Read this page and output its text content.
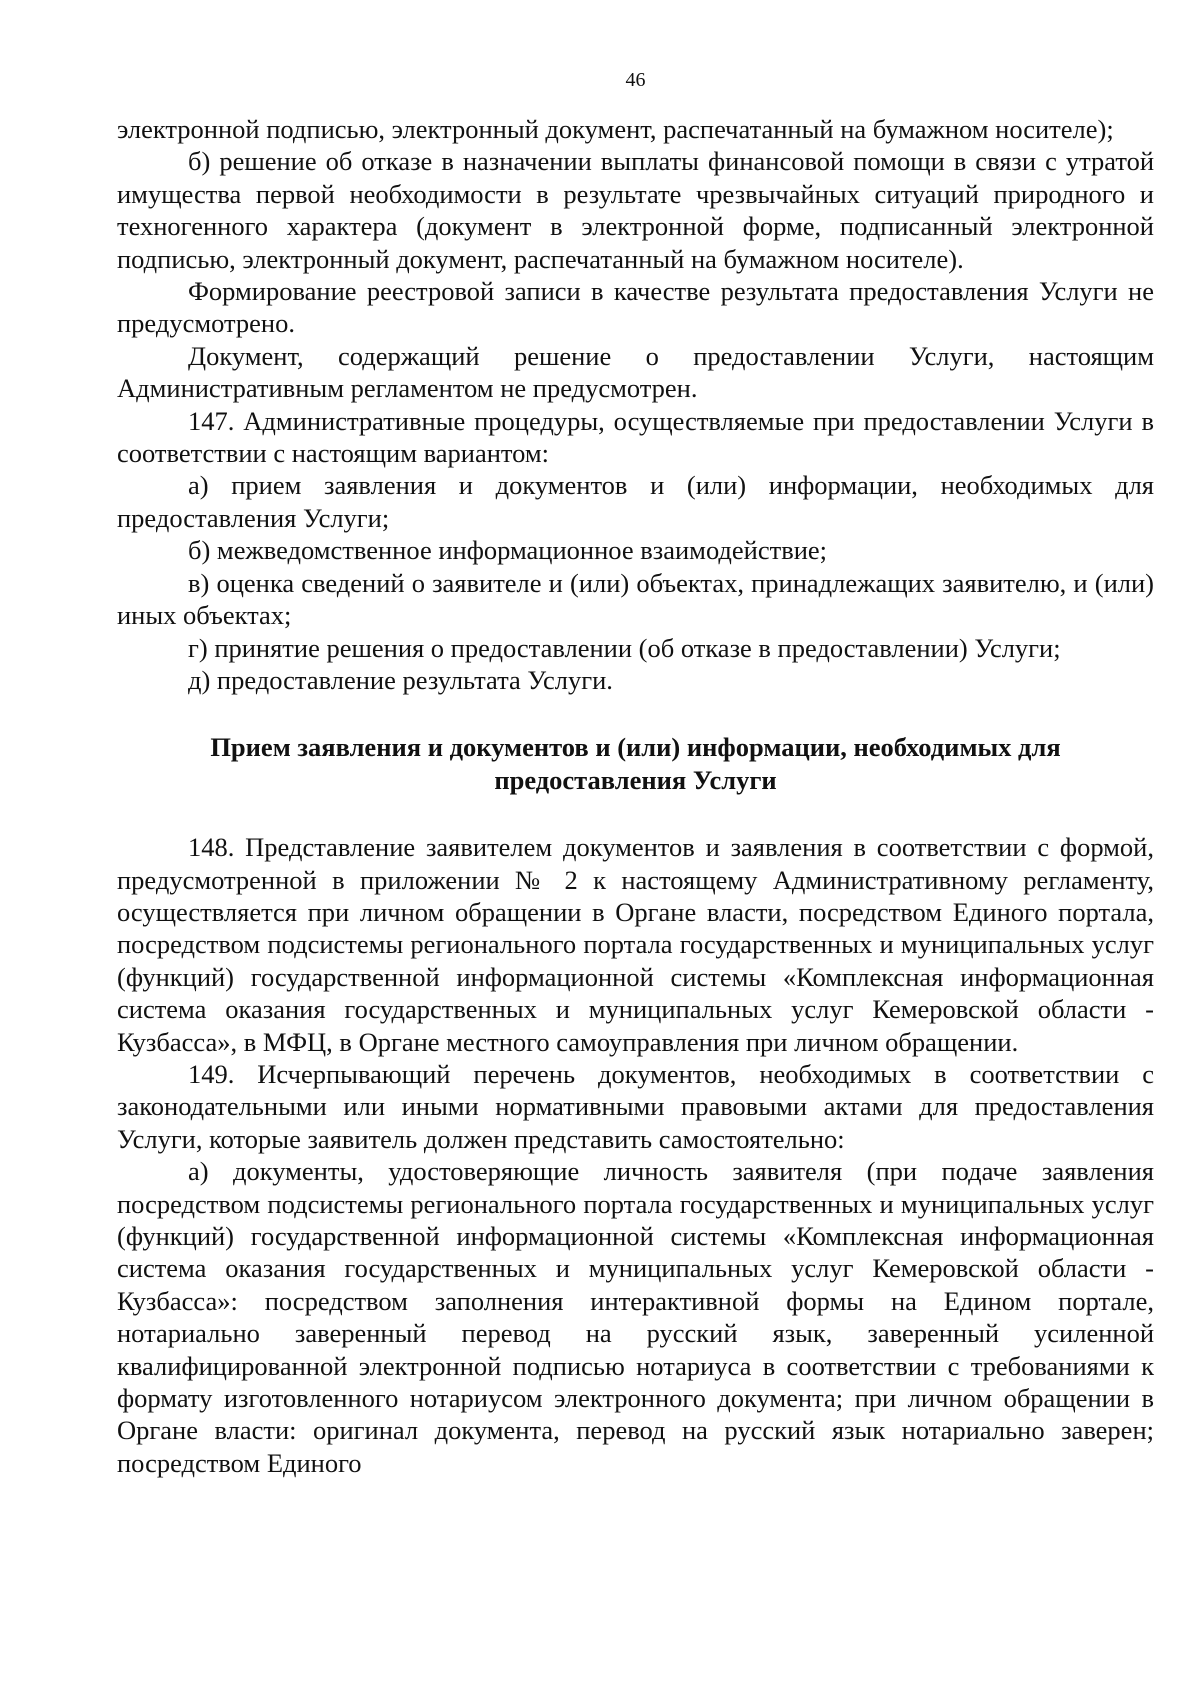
46

электронной подписью, электронный документ, распечатанный на бумажном носителе);

б) решение об отказе в назначении выплаты финансовой помощи в связи с утратой имущества первой необходимости в результате чрезвычайных ситуаций природного и техногенного характера (документ в электронной форме, подписанный электронной подписью, электронный документ, распечатанный на бумажном носителе).

Формирование реестровой записи в качестве результата предоставления Услуги не предусмотрено.

Документ, содержащий решение о предоставлении Услуги, настоящим Административным регламентом не предусмотрен.

147. Административные процедуры, осуществляемые при предоставлении Услуги в соответствии с настоящим вариантом:

а) прием заявления и документов и (или) информации, необходимых для предоставления Услуги;

б) межведомственное информационное взаимодействие;

в) оценка сведений о заявителе и (или) объектах, принадлежащих заявителю, и (или) иных объектах;

г) принятие решения о предоставлении (об отказе в предоставлении) Услуги;

д) предоставление результата Услуги.

Прием заявления и документов и (или) информации, необходимых для
предоставления Услуги

148. Представление заявителем документов и заявления в соответствии с формой, предусмотренной в приложении № 2 к настоящему Административному регламенту, осуществляется при личном обращении в Органе власти, посредством Единого портала, посредством подсистемы регионального портала государственных и муниципальных услуг (функций) государственной информационной системы «Комплексная информационная система оказания государственных и муниципальных услуг Кемеровской области - Кузбасса», в МФЦ, в Органе местного самоуправления при личном обращении.

149. Исчерпывающий перечень документов, необходимых в соответствии с законодательными или иными нормативными правовыми актами для предоставления Услуги, которые заявитель должен представить самостоятельно:

а) документы, удостоверяющие личность заявителя (при подаче заявления посредством подсистемы регионального портала государственных и муниципальных услуг (функций) государственной информационной системы «Комплексная информационная система оказания государственных и муниципальных услуг Кемеровской области - Кузбасса»: посредством заполнения интерактивной формы на Едином портале, нотариально заверенный перевод на русский язык, заверенный усиленной квалифицированной электронной подписью нотариуса в соответствии с требованиями к формату изготовленного нотариусом электронного документа; при личном обращении в Органе власти: оригинал документа, перевод на русский язык нотариально заверен; посредством Единого
